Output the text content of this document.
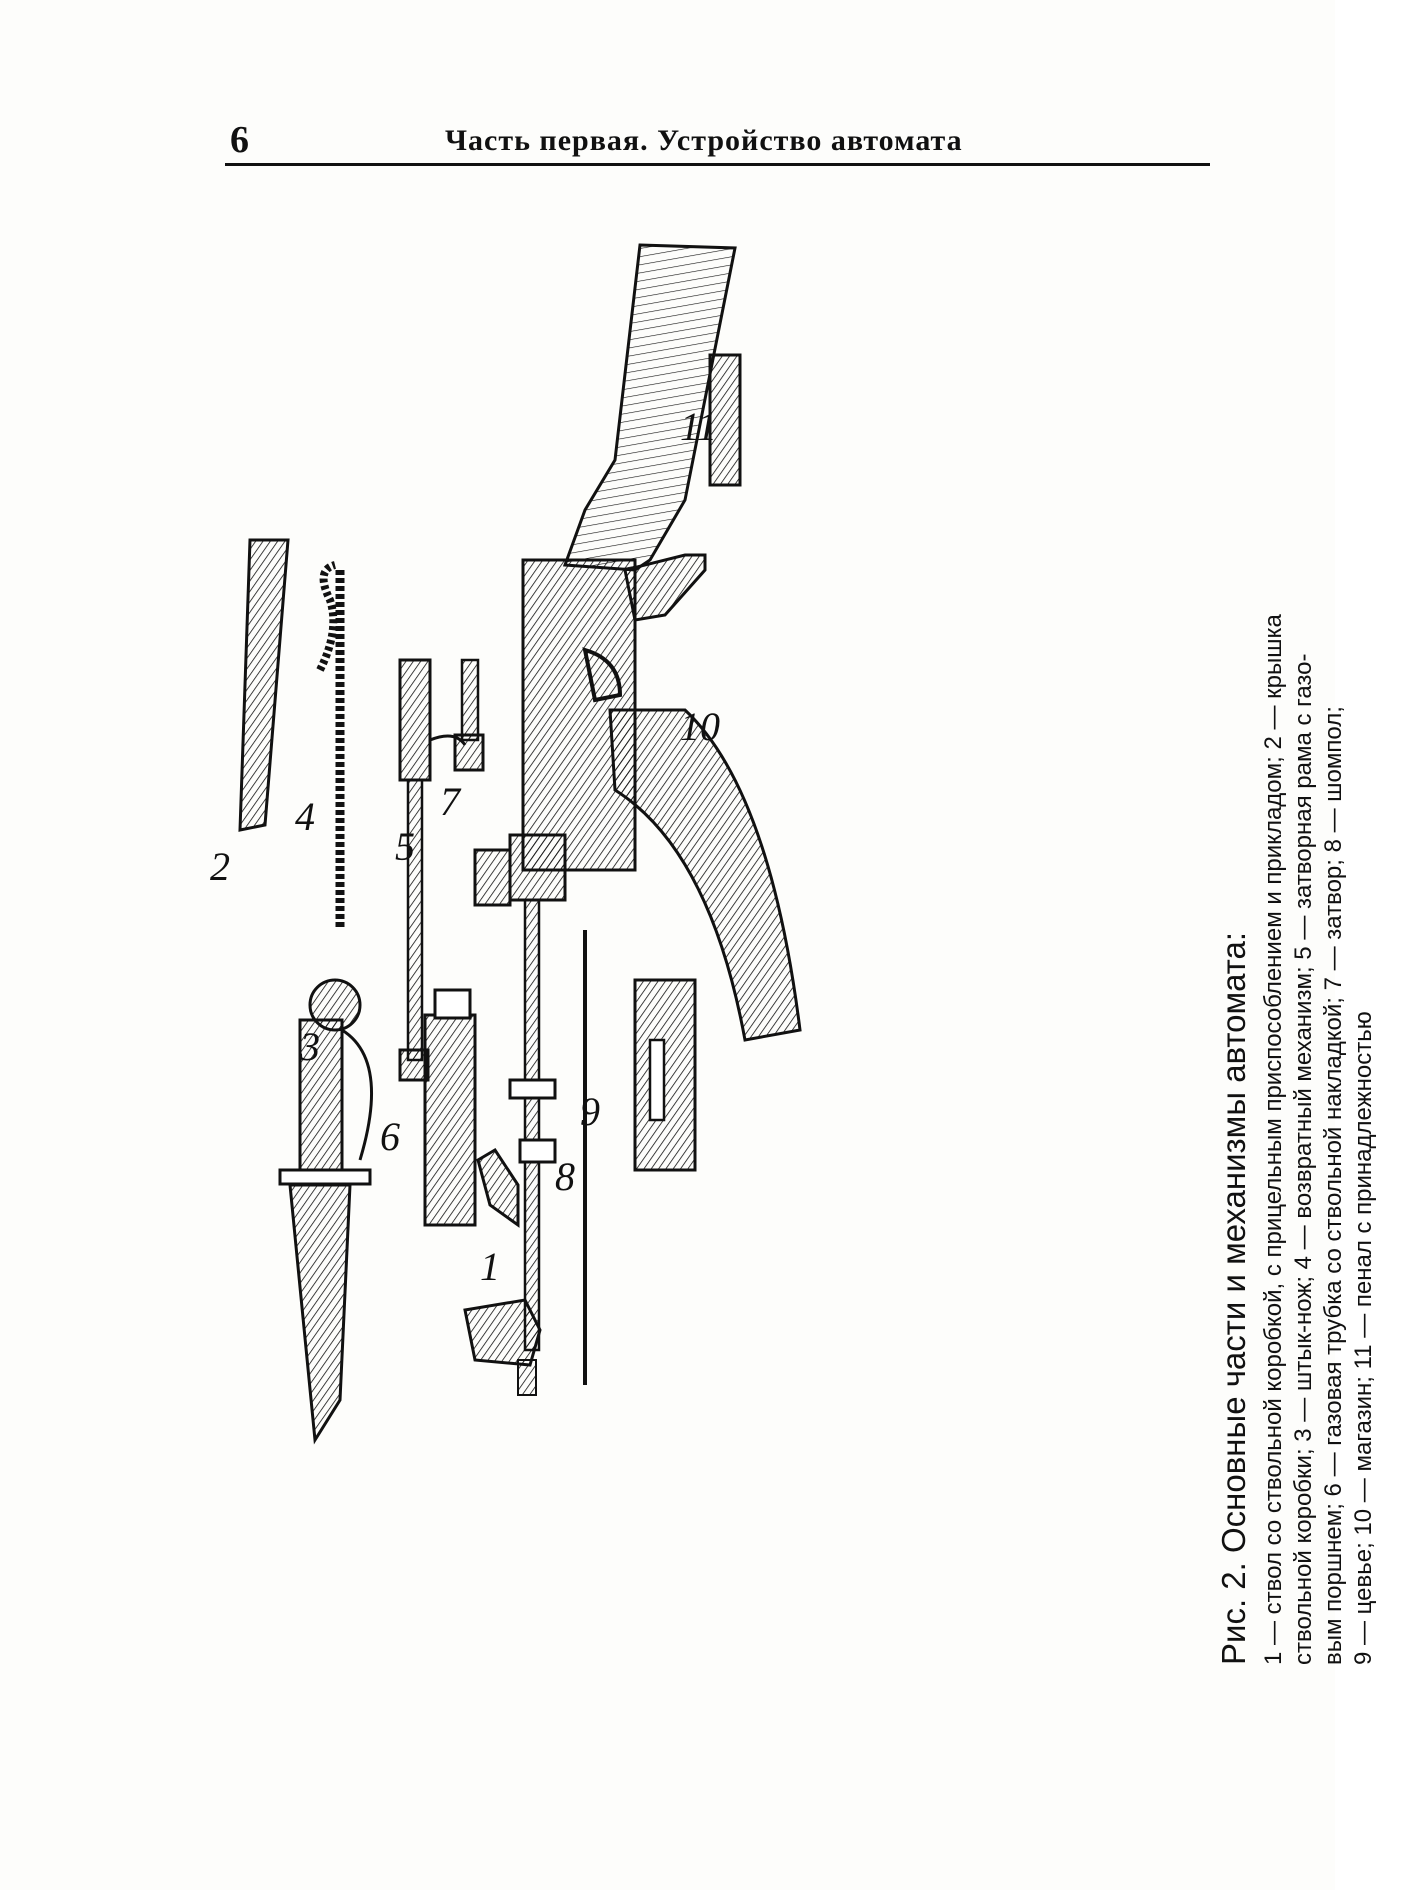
6	Часть первая. Устройство автомата
1
2
3
4
5
6
7
8
9
10
11

Рис. 2. Основные части и механизмы автомата: 1 — ствол со ствольной коробкой, с прицельным приспособлением и прикладом; 2 — крышка ствольной коробки; 3 — штык-нож; 4 — возвратный механизм; 5 — затворная рама с газо- вым поршнем; 6 — газовая трубка со ствольной накладкой; 7 — затвор; 8 — шомпол; 9 — цевье; 10 — магазин; 11 — пенал с принадлежностью
